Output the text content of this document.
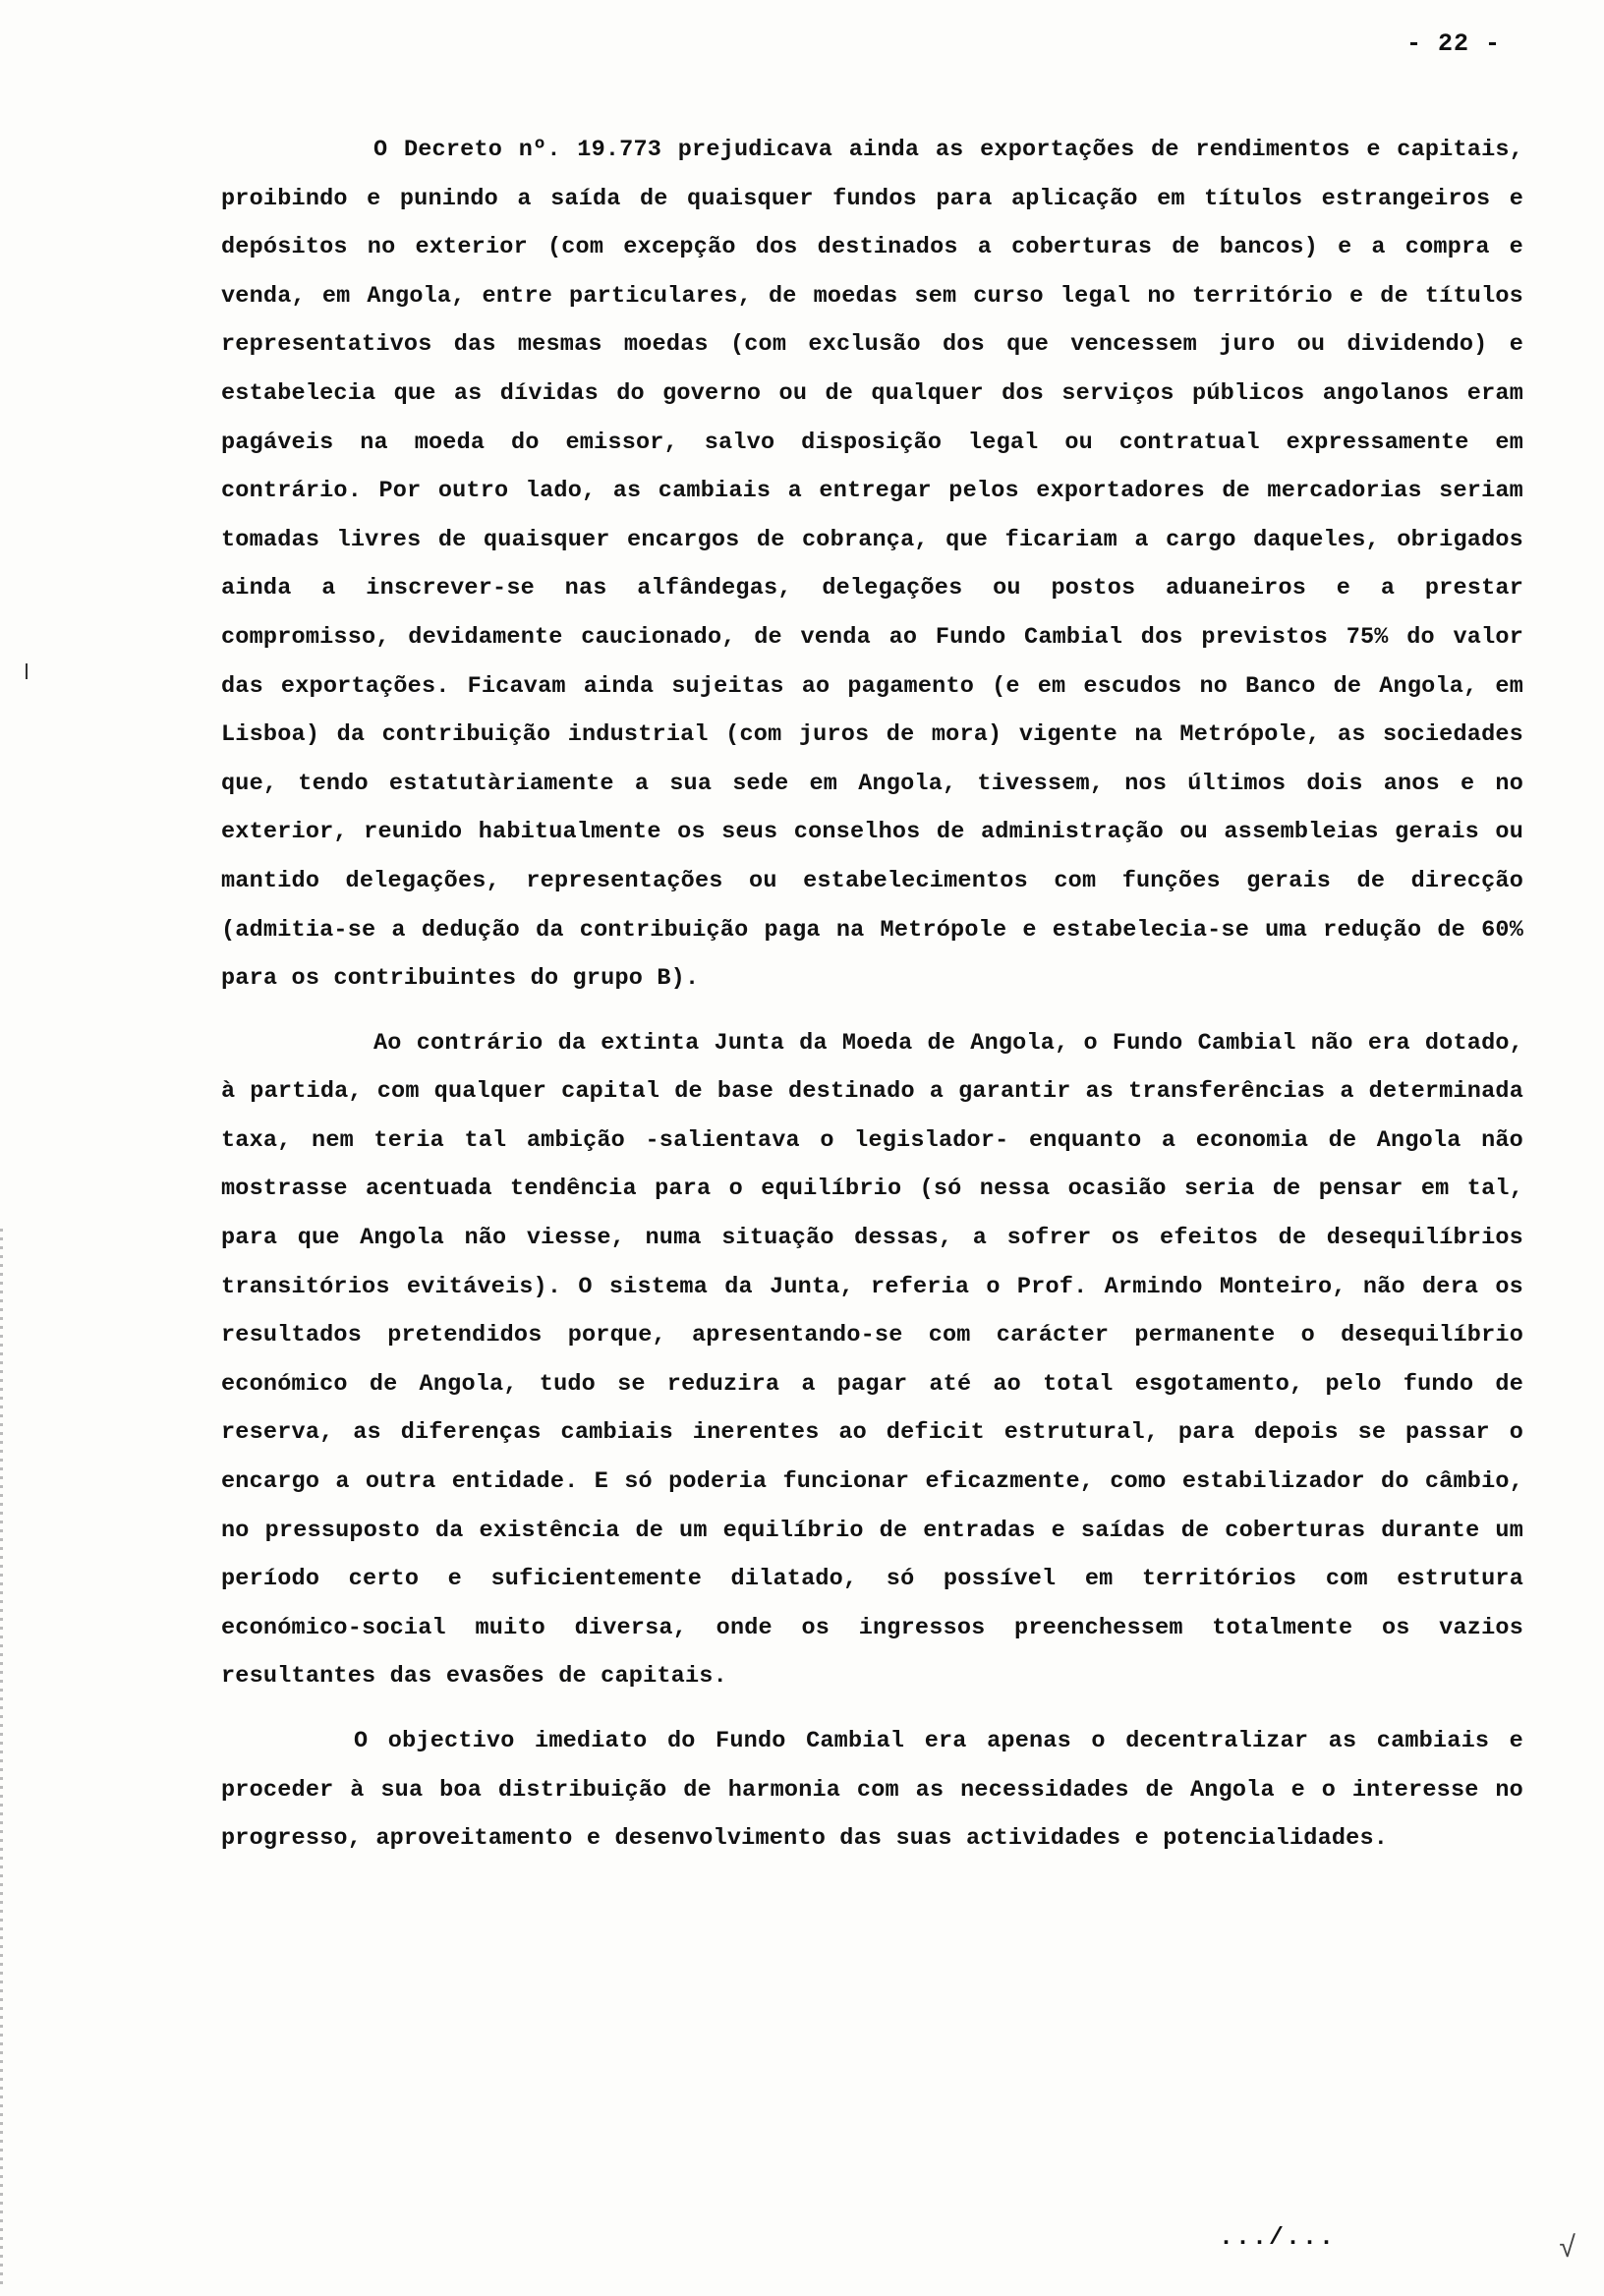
- 22 -

O Decreto nº. 19.773 prejudicava ainda as exportações de rendimentos e capitais, proibindo e punindo a saída de quaisquer fundos para aplicação em títulos estrangeiros e depósitos no exterior (com excepção dos destinados a coberturas de bancos) e a compra e venda, em Angola, entre particulares, de moedas sem curso legal no território e de títulos representativos das mesmas moedas (com exclusão dos que vencessem juro ou dividendo) e estabelecia que as dívidas do governo ou de qualquer dos serviços públicos angolanos eram pagáveis na moeda do emissor, salvo disposição legal ou contratual expressamente em contrário. Por outro lado, as cambiais a entregar pelos exportadores de mercadorias seriam tomadas livres de quaisquer encargos de cobrança, que ficariam a cargo daqueles, obrigados ainda a inscrever-se nas alfândegas, delegações ou postos aduaneiros e a prestar compromisso, devidamente caucionado, de venda ao Fundo Cambial dos previstos 75% do valor das exportações. Ficavam ainda sujeitas ao pagamento (e em escudos no Banco de Angola, em Lisboa) da contribuição industrial (com juros de mora) vigente na Metrópole, as sociedades que, tendo estatutàriamente a sua sede em Angola, tivessem, nos últimos dois anos e no exterior, reunido habitualmente os seus conselhos de administração ou assembleias gerais ou mantido delegações, representações ou estabelecimentos com funções gerais de direcção (admitia-se a dedução da contribuição paga na Metrópole e estabelecia-se uma redução de 60% para os contribuintes do grupo B).

Ao contrário da extinta Junta da Moeda de Angola, o Fundo Cambial não era dotado, à partida, com qualquer capital de base destinado a garantir as transferências a determinada taxa, nem teria tal ambição -salientava o legislador- enquanto a economia de Angola não mostrasse acentuada tendência para o equilíbrio (só nessa ocasião seria de pensar em tal, para que Angola não viesse, numa situação dessas, a sofrer os efeitos de desequilíbrios transitórios evitáveis). O sistema da Junta, referia o Prof. Armindo Monteiro, não dera os resultados pretendidos porque, apresentando-se com carácter permanente o desequilíbrio económico de Angola, tudo se reduzira a pagar até ao total esgotamento, pelo fundo de reserva, as diferenças cambiais inerentes ao deficit estrutural, para depois se passar o encargo a outra entidade. E só poderia funcionar eficazmente, como estabilizador do câmbio, no pressuposto da existência de um equilíbrio de entradas e saídas de coberturas durante um período certo e suficientemente dilatado, só possível em territórios com estrutura económico-social muito diversa, onde os ingressos preenchessem totalmente os vazios resultantes das evasões de capitais.

O objectivo imediato do Fundo Cambial era apenas o decentralizar as cambiais e proceder à sua boa distribuição de harmonia com as necessidades de Angola e o interesse no progresso, aproveitamento e desenvolvimento das suas actividades e potencialidades.

.../...	√
